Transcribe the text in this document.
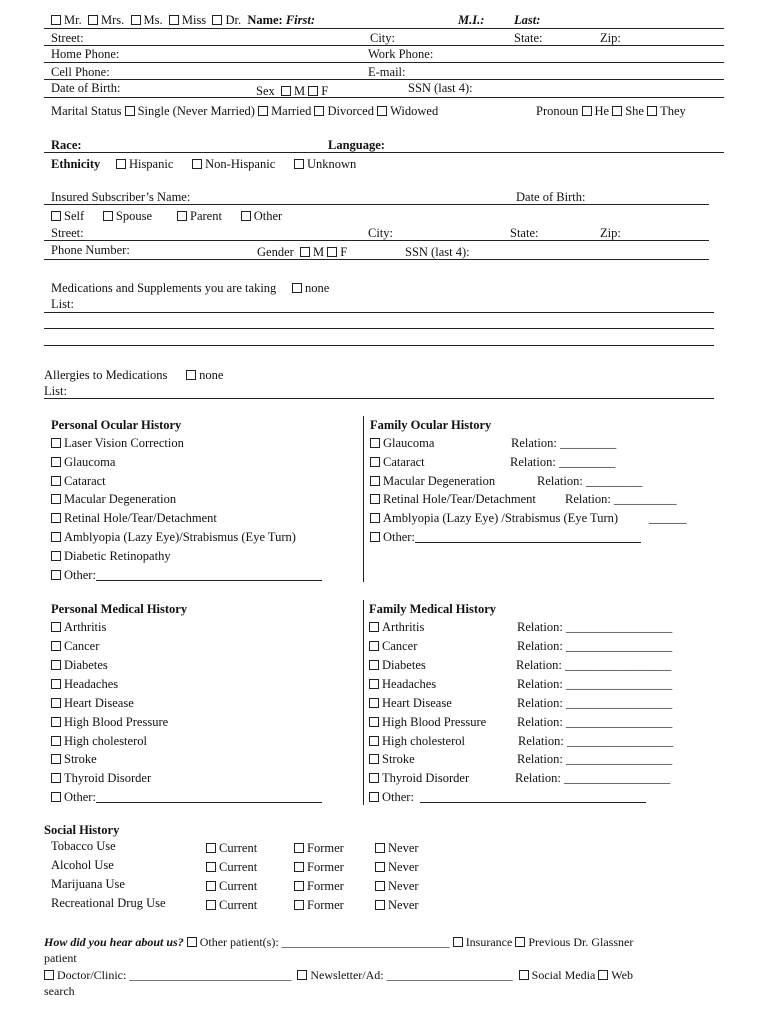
Mr. Mrs. Ms. Miss Dr. Name: First:	M.I.: Last:
Street:	City:	State:	Zip:
Home Phone:	Work Phone:
Cell Phone:	E-mail:
Date of Birth:	SSN (last 4):
Sex M F
Marital Status Single (Never Married) Married Divorced Widowed	Pronoun He She They
Race:	Language:
Ethnicity Hispanic	Non-Hispanic	Unknown
Insured Subscriber’s Name:	Date of Birth:
Self	Spouse	Parent	Other
Street:	City:	State:	Zip:
Phone Number:	Gender M F	SSN (last 4):
Medications and Supplements you are taking none
List:
Allergies to Medications	none
List:
Personal Ocular History
Laser Vision Correction
Glaucoma
Cataract
Macular Degeneration
Retinal Hole/Tear/Detachment
Amblyopia (Lazy Eye)/Strabismus (Eye Turn)
Diabetic Retinopathy
Other:
Family Ocular History
Glaucoma	Relation: _________
Cataract	Relation: _________
Macular Degeneration	Relation: _________
Retinal Hole/Tear/Detachment Relation: __________
Amblyopia (Lazy Eye) /Strabismus (Eye Turn) ______
Other:
Personal Medical History
Arthritis
Cancer
Diabetes
Headaches
Heart Disease
High Blood Pressure
High cholesterol
Stroke
Thyroid Disorder
Other:
Family Medical History
Arthritis	Relation: _________________
Cancer	Relation: _________________
Diabetes	Relation: _________________
Headaches	Relation: _________________
Heart Disease	Relation: _________________
High Blood Pressure Relation: _________________
High cholesterol	Relation: _________________
Stroke	Relation: _________________
Thyroid Disorder	Relation: _________________
Other:
Social History
Tobacco Use	Current	Former	Never
Alcohol Use	Current	Former	Never
Marijuana Use	Current	Former	Never
Recreational Drug Use	Current	Former	Never
How did you hear about us? Other patient(s): ____________________________ Insurance Previous Dr. Glassner
patient
Doctor/Clinic: ___________________________ Newsletter/Ad: _____________________ Social Media Web
search
